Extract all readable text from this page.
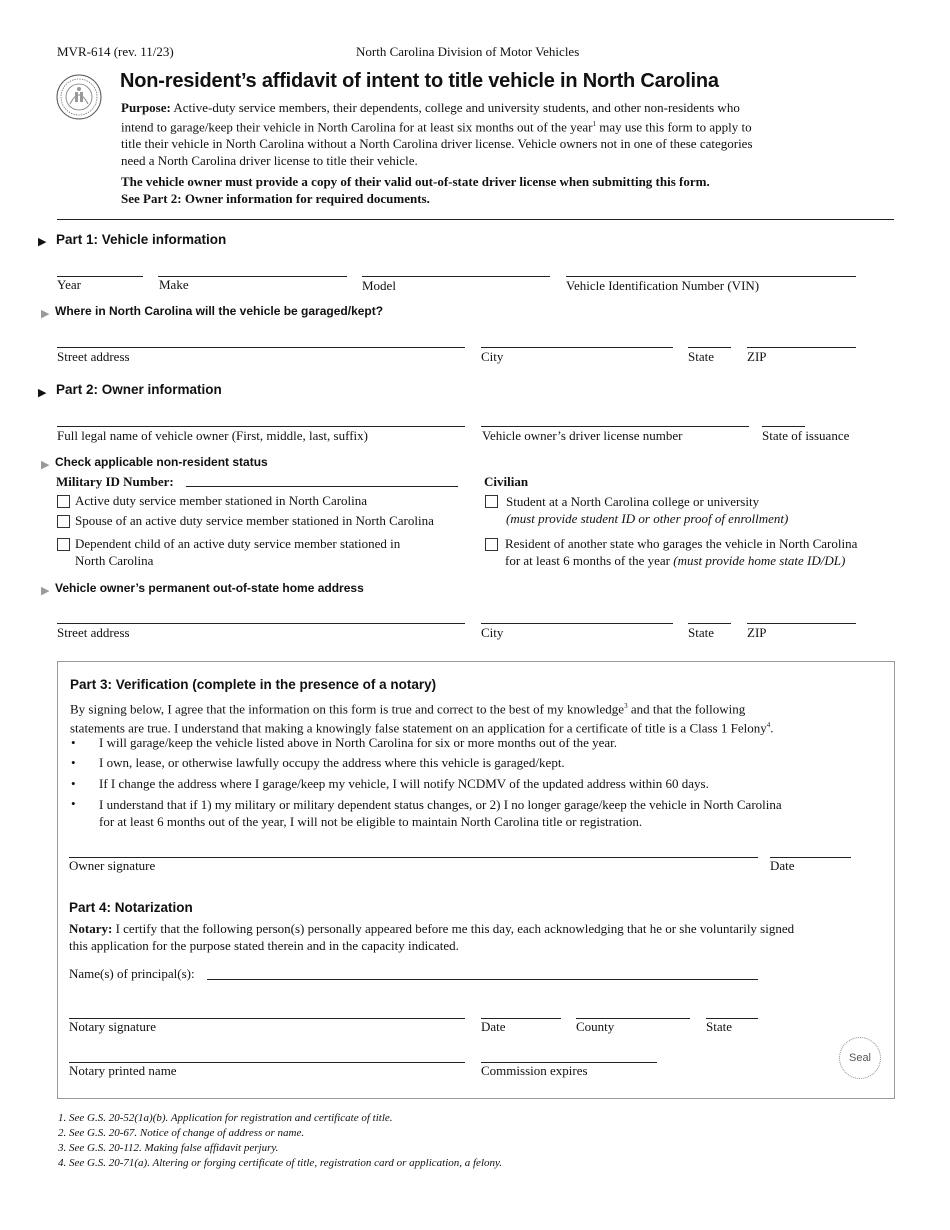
MVR-614 (rev. 11/23)	North Carolina Division of Motor Vehicles
Non-resident’s affidavit of intent to title vehicle in North Carolina
Purpose: Active-duty service members, their dependents, college and university students, and other non-residents who
intend to garage/keep their vehicle in North Carolina for at least six months out of the year$^1$ may use this form to apply to
title their vehicle in North Carolina without a North Carolina driver license. Vehicle owners not in one of these categories
need a North Carolina driver license to title their vehicle.
The vehicle owner must provide a copy of their valid out-of-state driver license when submitting this form.
See Part 2: Owner information for required documents.
▶ Part 1: Vehicle information
Year	Make	Model	Vehicle Identification Number (VIN)
▶ Where in North Carolina will the vehicle be garaged/kept?
Street address	City	State	ZIP
▶ Part 2: Owner information
Full legal name of vehicle owner (First, middle, last, suffix)	Vehicle owner’s driver license number	State of issuance
▶ Check applicable non-resident status
Military ID Number:
Active duty service member stationed in North Carolina
Spouse of an active duty service member stationed in North Carolina
Dependent child of an active duty service member stationed in
North Carolina
Civilian
Student at a North Carolina college or university
(must provide student ID or other proof of enrollment)
Resident of another state who garages the vehicle in North Carolina
for at least 6 months of the year (must provide home state ID/DL)
▶ Vehicle owner’s permanent out-of-state home address
Street address	City	State	ZIP
Part 3: Verification (complete in the presence of a notary)
By signing below, I agree that the information on this form is true and correct to the best of my knowledge$^3$ and that the following
statements are true. I understand that making a knowingly false statement on an application for a certificate of title is a Class 1 Felony$^4$.
• I will garage/keep the vehicle listed above in North Carolina for six or more months out of the year.
• I own, lease, or otherwise lawfully occupy the address where this vehicle is garaged/kept.
• If I change the address where I garage/keep my vehicle, I will notify NCDMV of the updated address within 60 days.
• I understand that if 1) my military or military dependent status changes, or 2) I no longer garage/keep the vehicle in North Carolina
for at least 6 months out of the year, I will not be eligible to maintain North Carolina title or registration.
Owner signature	Date
Part 4: Notarization
Notary: I certify that the following person(s) personally appeared before me this day, each acknowledging that he or she voluntarily signed
this application for the purpose stated therein and in the capacity indicated.
Name(s) of principal(s):
Notary signature	Date	County	State
Notary printed name	Commission expires
Seal
1. See G.S. 20-52(1a)(b). Application for registration and certificate of title.
2. See G.S. 20-67. Notice of change of address or name.
3. See G.S. 20-112. Making false affidavit perjury.
4. See G.S. 20-71(a). Altering or forging certificate of title, registration card or application, a felony.
